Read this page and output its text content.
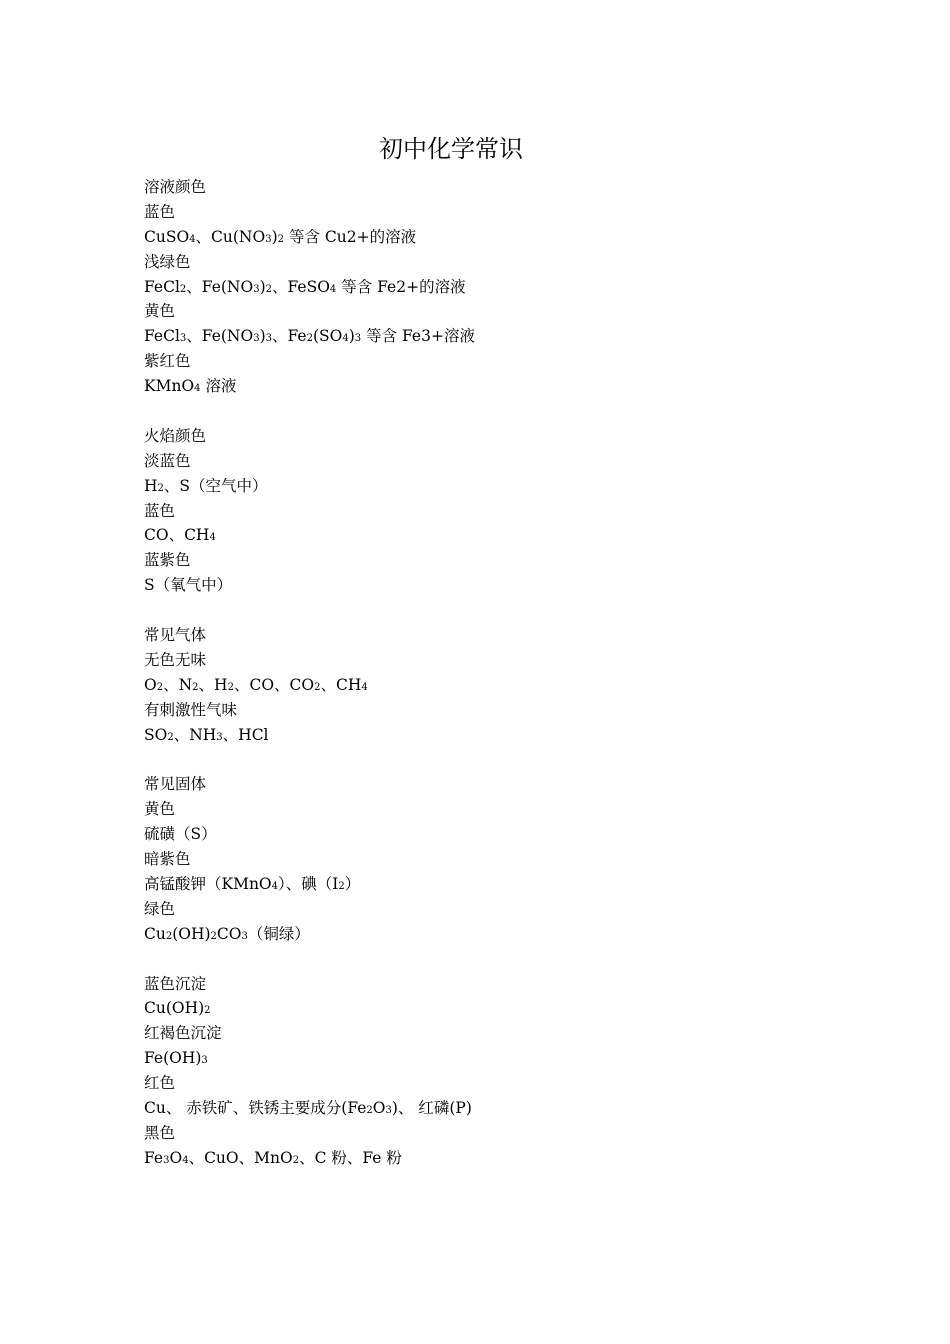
初中化学常识
溶液颜色
蓝色
CuSO4、Cu(NO3)2 等含 Cu2+的溶液
浅绿色
FeCl2、Fe(NO3)2、FeSO4 等含 Fe2+的溶液
黄色
FeCl3、Fe(NO3)3、Fe2(SO4)3 等含 Fe3+溶液
紫红色
KMnO4 溶液
火焰颜色
淡蓝色
H2、S（空气中）
蓝色
CO、CH4
蓝紫色
S（氧气中）
常见气体
无色无味
O2、N2、H2、CO、CO2、CH4
有刺激性气味
SO2、NH3、HCl
常见固体
黄色
硫磺（S）
暗紫色
高锰酸钾（KMnO4）、碘（I2）
绿色
Cu2(OH)2CO3（铜绿）
蓝色沉淀
Cu(OH)2
红褐色沉淀
Fe(OH)3
红色
Cu、 赤铁矿、铁锈主要成分(Fe2O3)、 红磷(P)
黑色
Fe3O4、CuO、MnO2、C 粉、Fe 粉
